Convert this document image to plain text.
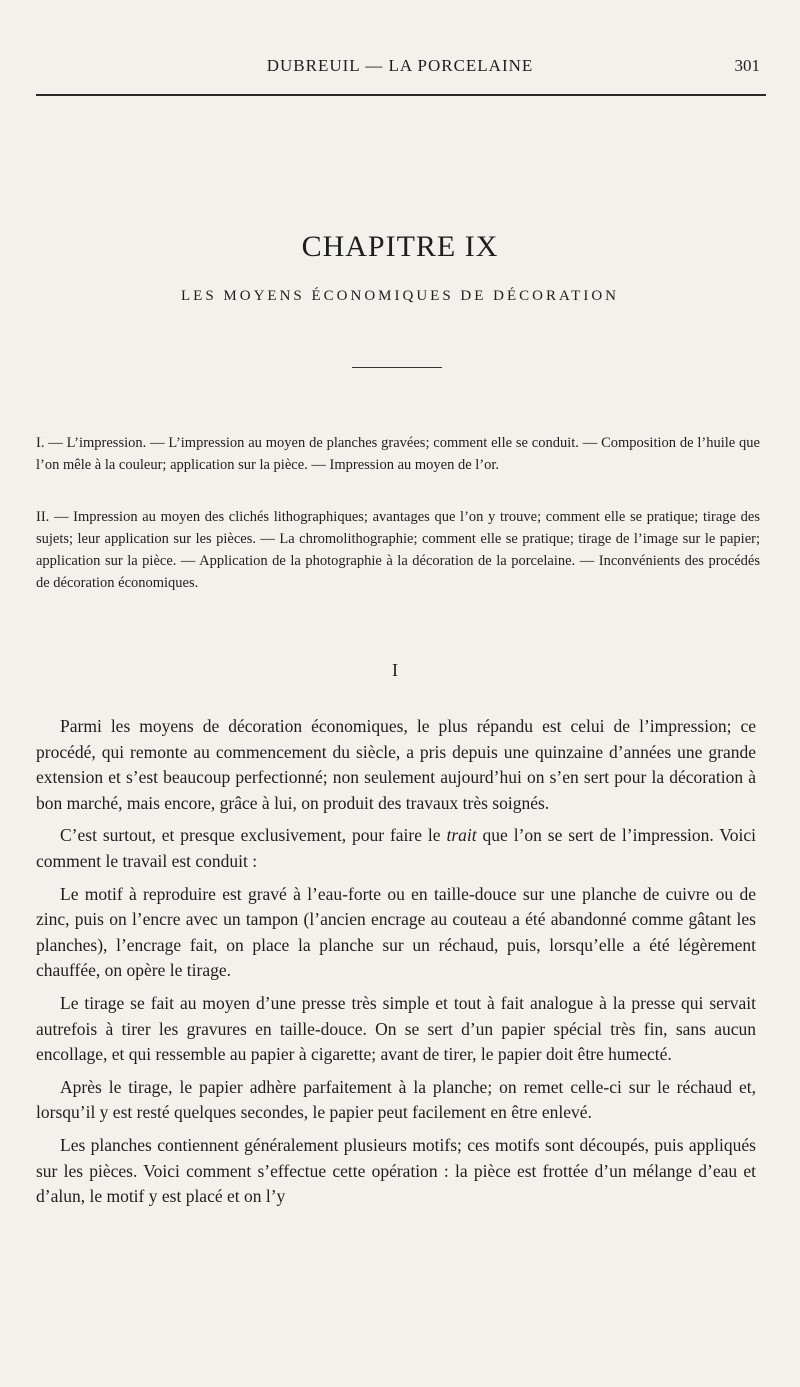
DUBREUIL — LA PORCELAINE	301
CHAPITRE IX
LES MOYENS ÉCONOMIQUES DE DÉCORATION

I. — L’impression. — L’impression au moyen de planches gravées; comment elle se conduit. — Composition de l’huile que l’on mêle à la couleur; application sur la pièce. — Impression au moyen de l’or.

II. — Impression au moyen des clichés lithographiques; avantages que l’on y trouve; comment elle se pratique; tirage des sujets; leur application sur les pièces. — La chromolithographie; comment elle se pratique; tirage de l’image sur le papier; application sur la pièce. — Application de la photographie à la décoration de la porcelaine. — Inconvénients des procédés de décoration économiques.

I

Parmi les moyens de décoration économiques, le plus répandu est celui de l’impression; ce procédé, qui remonte au commencement du siècle, a pris depuis une quinzaine d’années une grande extension et s’est beaucoup perfectionné; non seulement aujourd’hui on s’en sert pour la décoration à bon marché, mais encore, grâce à lui, on produit des travaux très soignés.

C’est surtout, et presque exclusivement, pour faire le trait que l’on se sert de l’impression. Voici comment le travail est conduit :

Le motif à reproduire est gravé à l’eau-forte ou en taille-douce sur une planche de cuivre ou de zinc, puis on l’encre avec un tampon (l’ancien encrage au couteau a été abandonné comme gâtant les planches), l’encrage fait, on place la planche sur un réchaud, puis, lorsqu’elle a été légèrement chauffée, on opère le tirage.

Le tirage se fait au moyen d’une presse très simple et tout à fait analogue à la presse qui servait autrefois à tirer les gravures en taille-douce. On se sert d’un papier spécial très fin, sans aucun encollage, et qui ressemble au papier à cigarette; avant de tirer, le papier doit être humecté.

Après le tirage, le papier adhère parfaitement à la planche; on remet celle-ci sur le réchaud et, lorsqu’il y est resté quelques secondes, le papier peut facilement en être enlevé.

Les planches contiennent généralement plusieurs motifs; ces motifs sont découpés, puis appliqués sur les pièces. Voici comment s’effectue cette opération : la pièce est frottée d’un mélange d’eau et d’alun, le motif y est placé et on l’y
